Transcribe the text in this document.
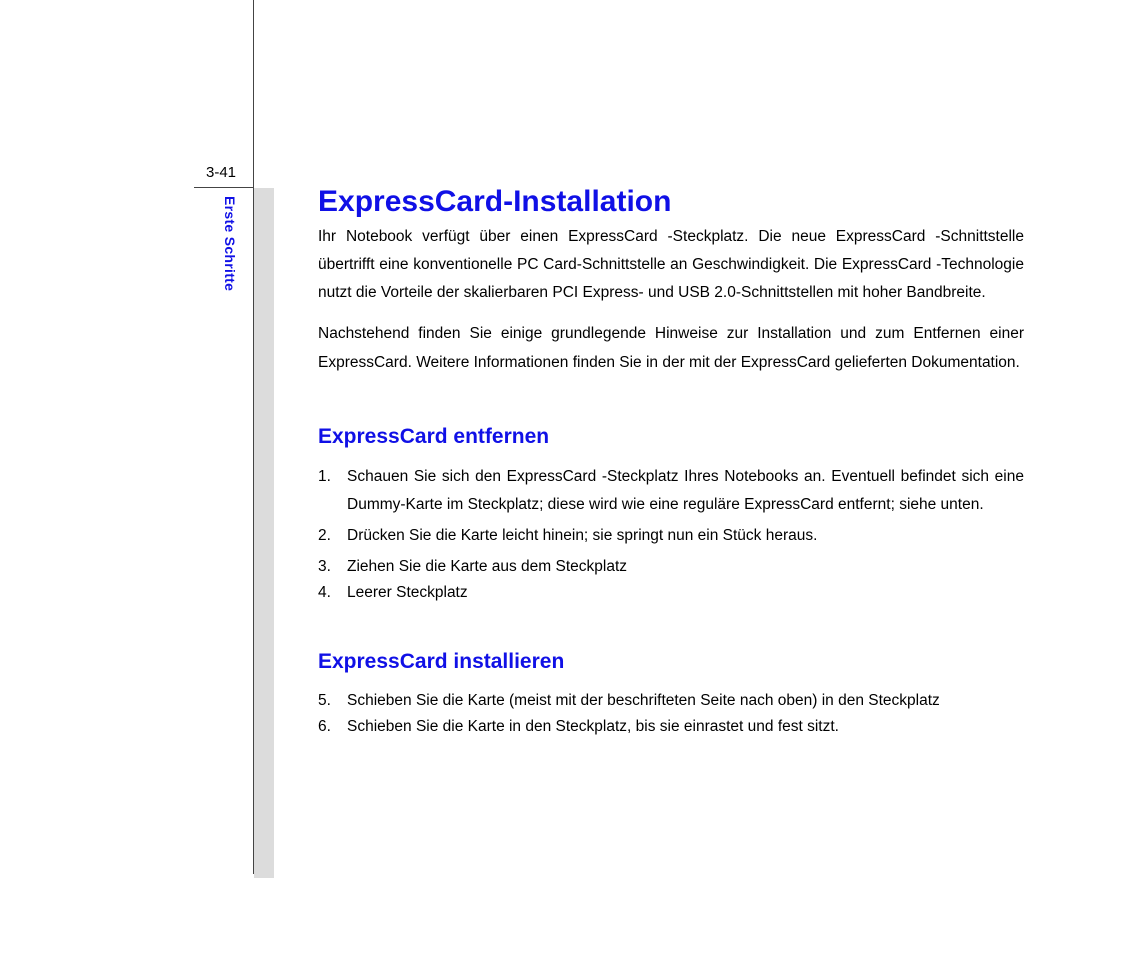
3-41
Erste Schritte	ExpressCard-Installation

Ihr Notebook verfügt über einen ExpressCard -Steckplatz. Die neue ExpressCard -Schnittstelle übertrifft eine konventionelle PC Card-Schnittstelle an Geschwindigkeit. Die ExpressCard -Technologie nutzt die Vorteile der skalierbaren PCI Express- und USB 2.0-Schnittstellen mit hoher Bandbreite.

Nachstehend finden Sie einige grundlegende Hinweise zur Installation und zum Entfernen einer ExpressCard. Weitere Informationen finden Sie in der mit der ExpressCard gelieferten Dokumentation.

ExpressCard entfernen
1. Schauen Sie sich den ExpressCard -Steckplatz Ihres Notebooks an. Eventuell befindet sich eine Dummy-Karte im Steckplatz; diese wird wie eine reguläre ExpressCard entfernt; siehe unten.
2. Drücken Sie die Karte leicht hinein; sie springt nun ein Stück heraus.
3. Ziehen Sie die Karte aus dem Steckplatz
4. Leerer Steckplatz
ExpressCard installieren
5. Schieben Sie die Karte (meist mit der beschrifteten Seite nach oben) in den Steckplatz
6. Schieben Sie die Karte in den Steckplatz, bis sie einrastet und fest sitzt.
